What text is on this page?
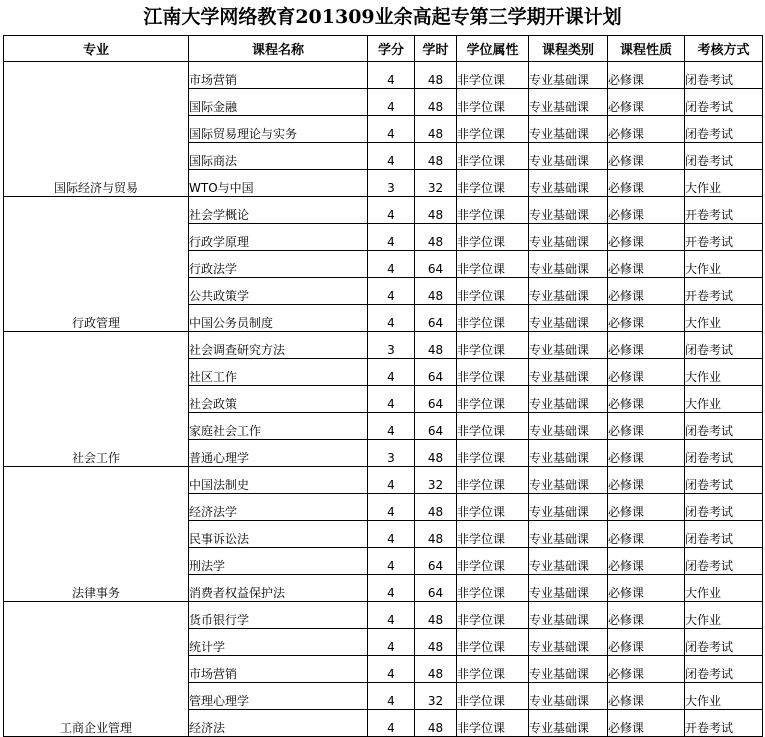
江南大学网络教育201309业余高起专第三学期开课计划
专业	课程名称	学分	学时	学位属性	课程类别	课程性质	考核方式
国际经济与贸易	市场营销	4	48	非学位课	专业基础课	必修课	闭卷考试
	国际金融	4	48	非学位课	专业基础课	必修课	闭卷考试
	国际贸易理论与实务	4	48	非学位课	专业基础课	必修课	闭卷考试
	国际商法	4	48	非学位课	专业基础课	必修课	闭卷考试
	WTO与中国	3	32	非学位课	专业基础课	必修课	大作业
行政管理	社会学概论	4	48	非学位课	专业基础课	必修课	开卷考试
	行政学原理	4	48	非学位课	专业基础课	必修课	开卷考试
	行政法学	4	64	非学位课	专业基础课	必修课	大作业
	公共政策学	4	48	非学位课	专业基础课	必修课	开卷考试
	中国公务员制度	4	64	非学位课	专业基础课	必修课	大作业
社会工作	社会调查研究方法	3	48	非学位课	专业基础课	必修课	闭卷考试
	社区工作	4	64	非学位课	专业基础课	必修课	大作业
	社会政策	4	64	非学位课	专业基础课	必修课	大作业
	家庭社会工作	4	64	非学位课	专业基础课	必修课	闭卷考试
	普通心理学	3	48	非学位课	专业基础课	必修课	闭卷考试
法律事务	中国法制史	4	32	非学位课	专业基础课	必修课	闭卷考试
	经济法学	4	48	非学位课	专业基础课	必修课	闭卷考试
	民事诉讼法	4	48	非学位课	专业基础课	必修课	闭卷考试
	刑法学	4	64	非学位课	专业基础课	必修课	闭卷考试
	消费者权益保护法	4	64	非学位课	专业基础课	必修课	大作业
工商企业管理	货币银行学	4	48	非学位课	专业基础课	必修课	大作业
	统计学	4	48	非学位课	专业基础课	必修课	闭卷考试
	市场营销	4	48	非学位课	专业基础课	必修课	闭卷考试
	管理心理学	4	32	非学位课	专业基础课	必修课	大作业
	经济法	4	48	非学位课	专业基础课	必修课	开卷考试
